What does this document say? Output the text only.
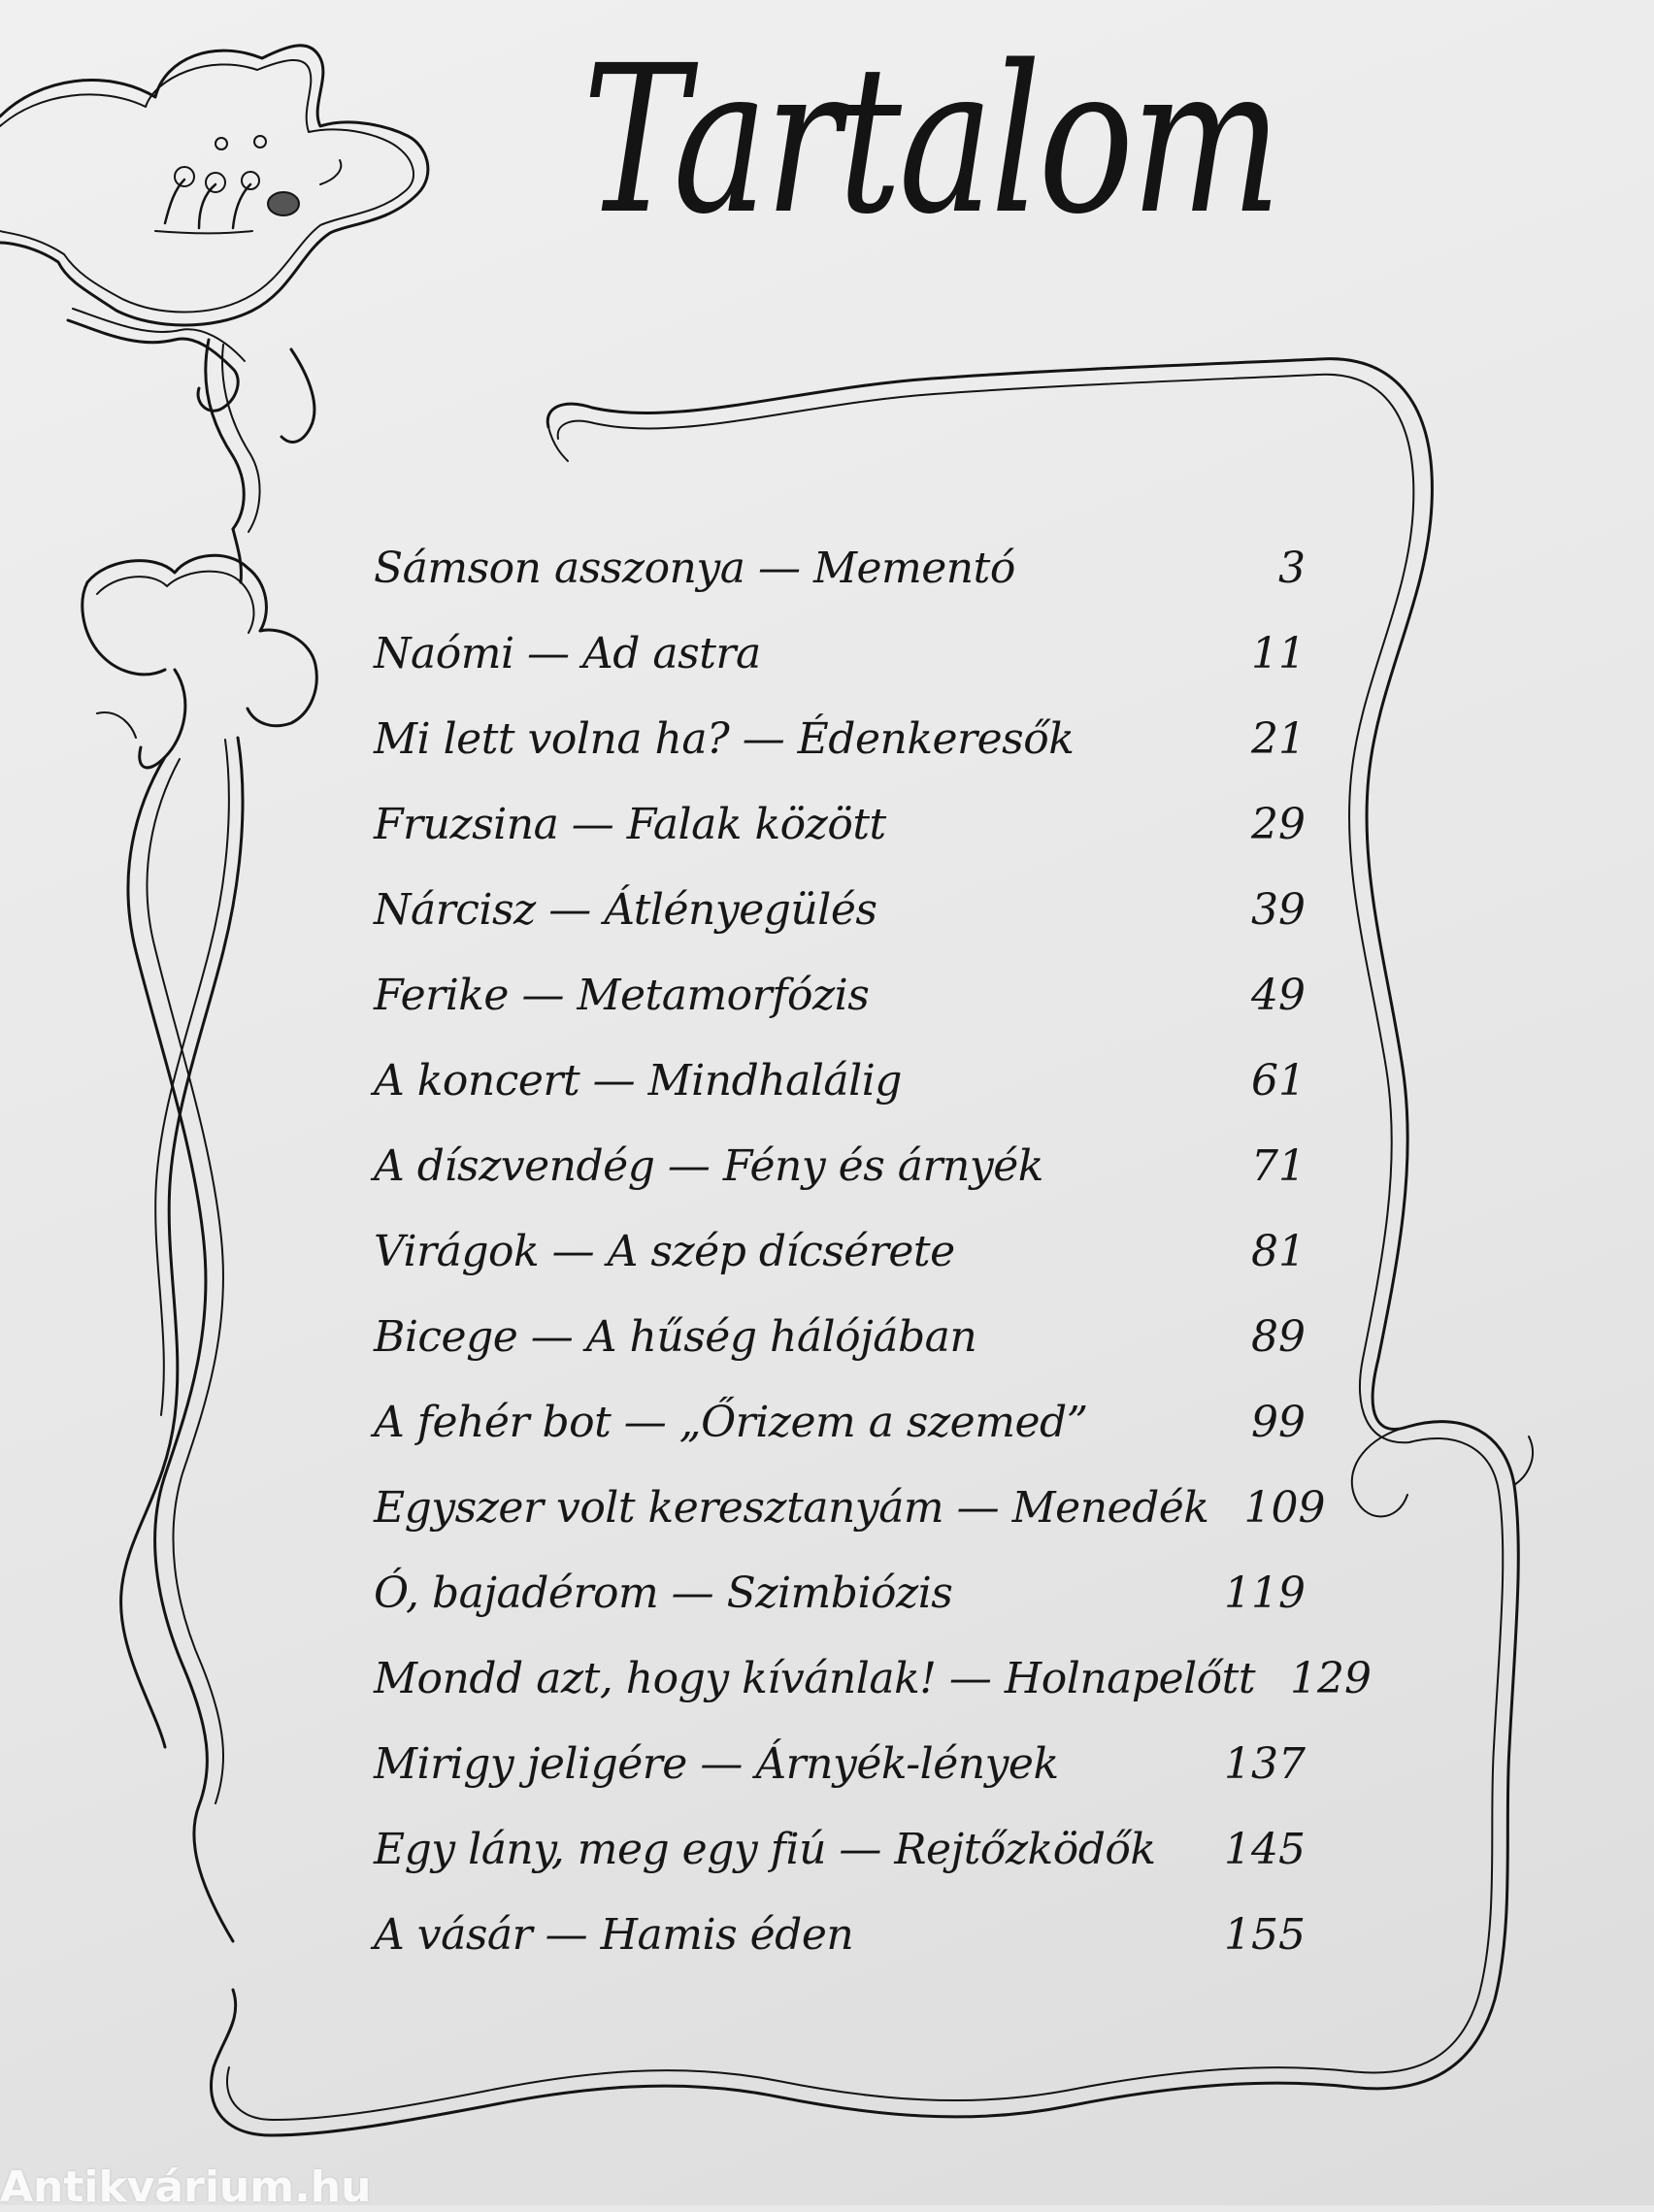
Tartalom
Sámson asszonya — Mementó	3
Naómi — Ad astra	11
Mi lett volna ha? — Édenkeresők	21
Fruzsina — Falak között	29
Nárcisz — Átlényegülés	39
Ferike — Metamorfózis	49
A koncert — Mindhalálig	61
A díszvendég — Fény és árnyék	71
Virágok — A szép dícsérete	81
Bicege — A hűség hálójában	89
A fehér bot — „Őrizem a szemed”	99
Egyszer volt keresztanyám — Menedék 109
Ó, bajadérom — Szimbiózis	119
Mondd azt, hogy kívánlak! — Holnapelőtt 129
Mirigy jeligére — Árnyék-lények	137
Egy lány, meg egy fiú — Rejtőzködők	145
A vásár — Hamis éden	155
Antikvárium.hu
